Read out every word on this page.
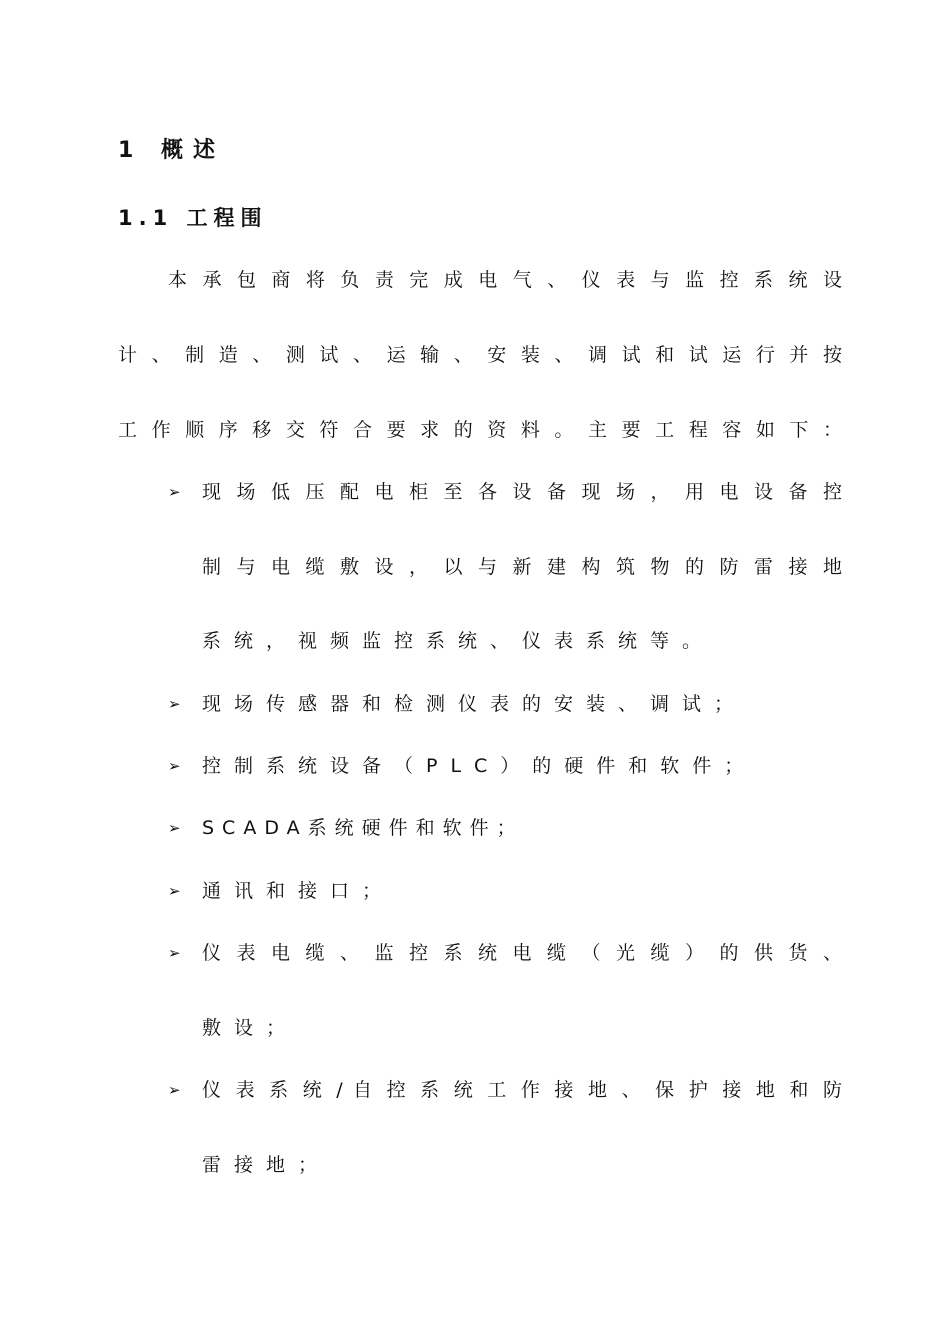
1 概述
1.1 工程围
本 承 包 商 将 负 责 完 成 电 气 、 仪 表 与 监 控 系 统 设
计 、 制 造 、 测 试 、 运 输 、 安 装 、 调 试 和 试 运 行 并 按
工 作 顺 序 移 交 符 合 要 求 的 资 料 。 主 要 工 程 容 如 下 ：
➢ 现 场 低 压 配 电 柜 至 各 设 备 现 场 ， 用 电 设 备 控
制 与 电 缆 敷 设 ， 以 与 新 建 构 筑 物 的 防 雷 接 地
系统，视频监控系统、仪表系统等。
➢ 现场传感器和检测仪表的安装、调试；
➢ 控制系统设备（PLC）的硬件和软件；
➢ SCADA系统硬件和软件；
➢ 通讯和接口；
➢ 仪 表 电 缆 、 监 控 系 统 电 缆 （ 光 缆 ） 的 供 货 、
敷设；
➢ 仪 表 系 统 / 自 控 系 统 工 作 接 地 、 保 护 接 地 和 防
雷接地；
